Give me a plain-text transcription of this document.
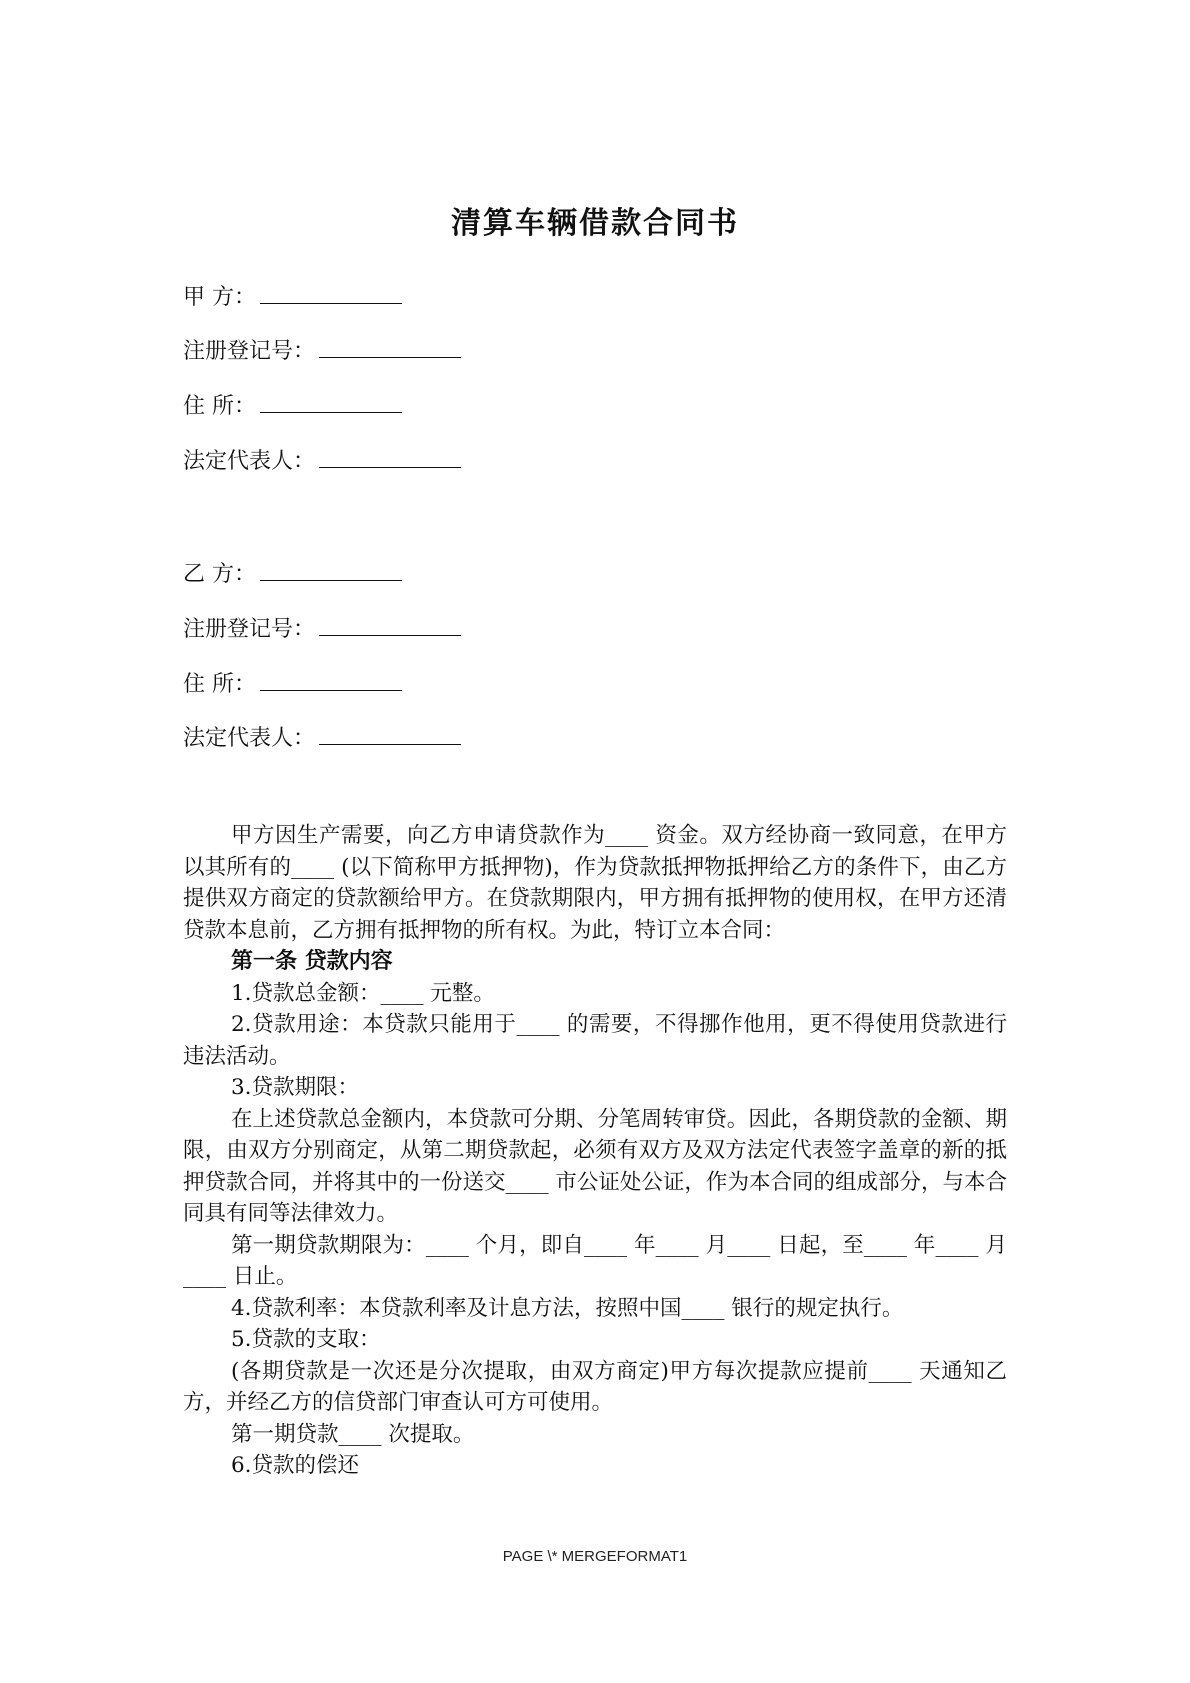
清算车辆借款合同书
甲 方：
注册登记号：
住 所：
法定代表人：
乙 方：
注册登记号：
住 所：
法定代表人：

甲方因生产需要，向乙方申请贷款作为____ 资金。双方经协商一致同意，在甲方以其所有的____ (以下简称甲方抵押物)，作为贷款抵押物抵押给乙方的条件下，由乙方提供双方商定的贷款额给甲方。在贷款期限内，甲方拥有抵押物的使用权，在甲方还清贷款本息前，乙方拥有抵押物的所有权。为此，特订立本合同：

第一条 贷款内容

1.贷款总金额：____ 元整。

2.贷款用途：本贷款只能用于____ 的需要，不得挪作他用，更不得使用贷款进行违法活动。

3.贷款期限：

在上述贷款总金额内，本贷款可分期、分笔周转审贷。因此，各期贷款的金额、期限，由双方分别商定，从第二期贷款起，必须有双方及双方法定代表签字盖章的新的抵押贷款合同，并将其中的一份送交____ 市公证处公证，作为本合同的组成部分，与本合同具有同等法律效力。

第一期贷款期限为：____ 个月，即自____ 年____ 月____ 日起，至____ 年____ 月____ 日止。

4.贷款利率：本贷款利率及计息方法，按照中国____ 银行的规定执行。

5.贷款的支取：

(各期贷款是一次还是分次提取，由双方商定)甲方每次提款应提前____ 天通知乙方，并经乙方的信贷部门审查认可方可使用。

第一期贷款____ 次提取。

6.贷款的偿还

PAGE \* MERGEFORMAT1
